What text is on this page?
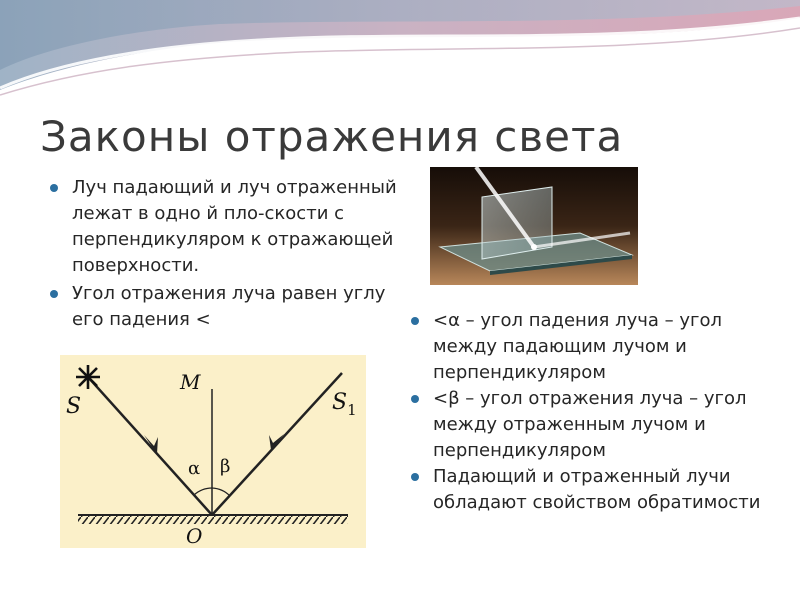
Законы отражения света
Луч падающий и луч отраженный лежат в одно й пло-скости с перпендикуляром к отражающей поверхности.
Угол отражения луча равен углу его падения <
S	$S_1$
M
α β
O
<α – угол падения луча – угол между падающим лучом и перпендикуляром
<β – угол отражения луча – угол между отраженным лучом и перпендикуляром
Падающий и отраженный лучи обладают свойством обратимости
